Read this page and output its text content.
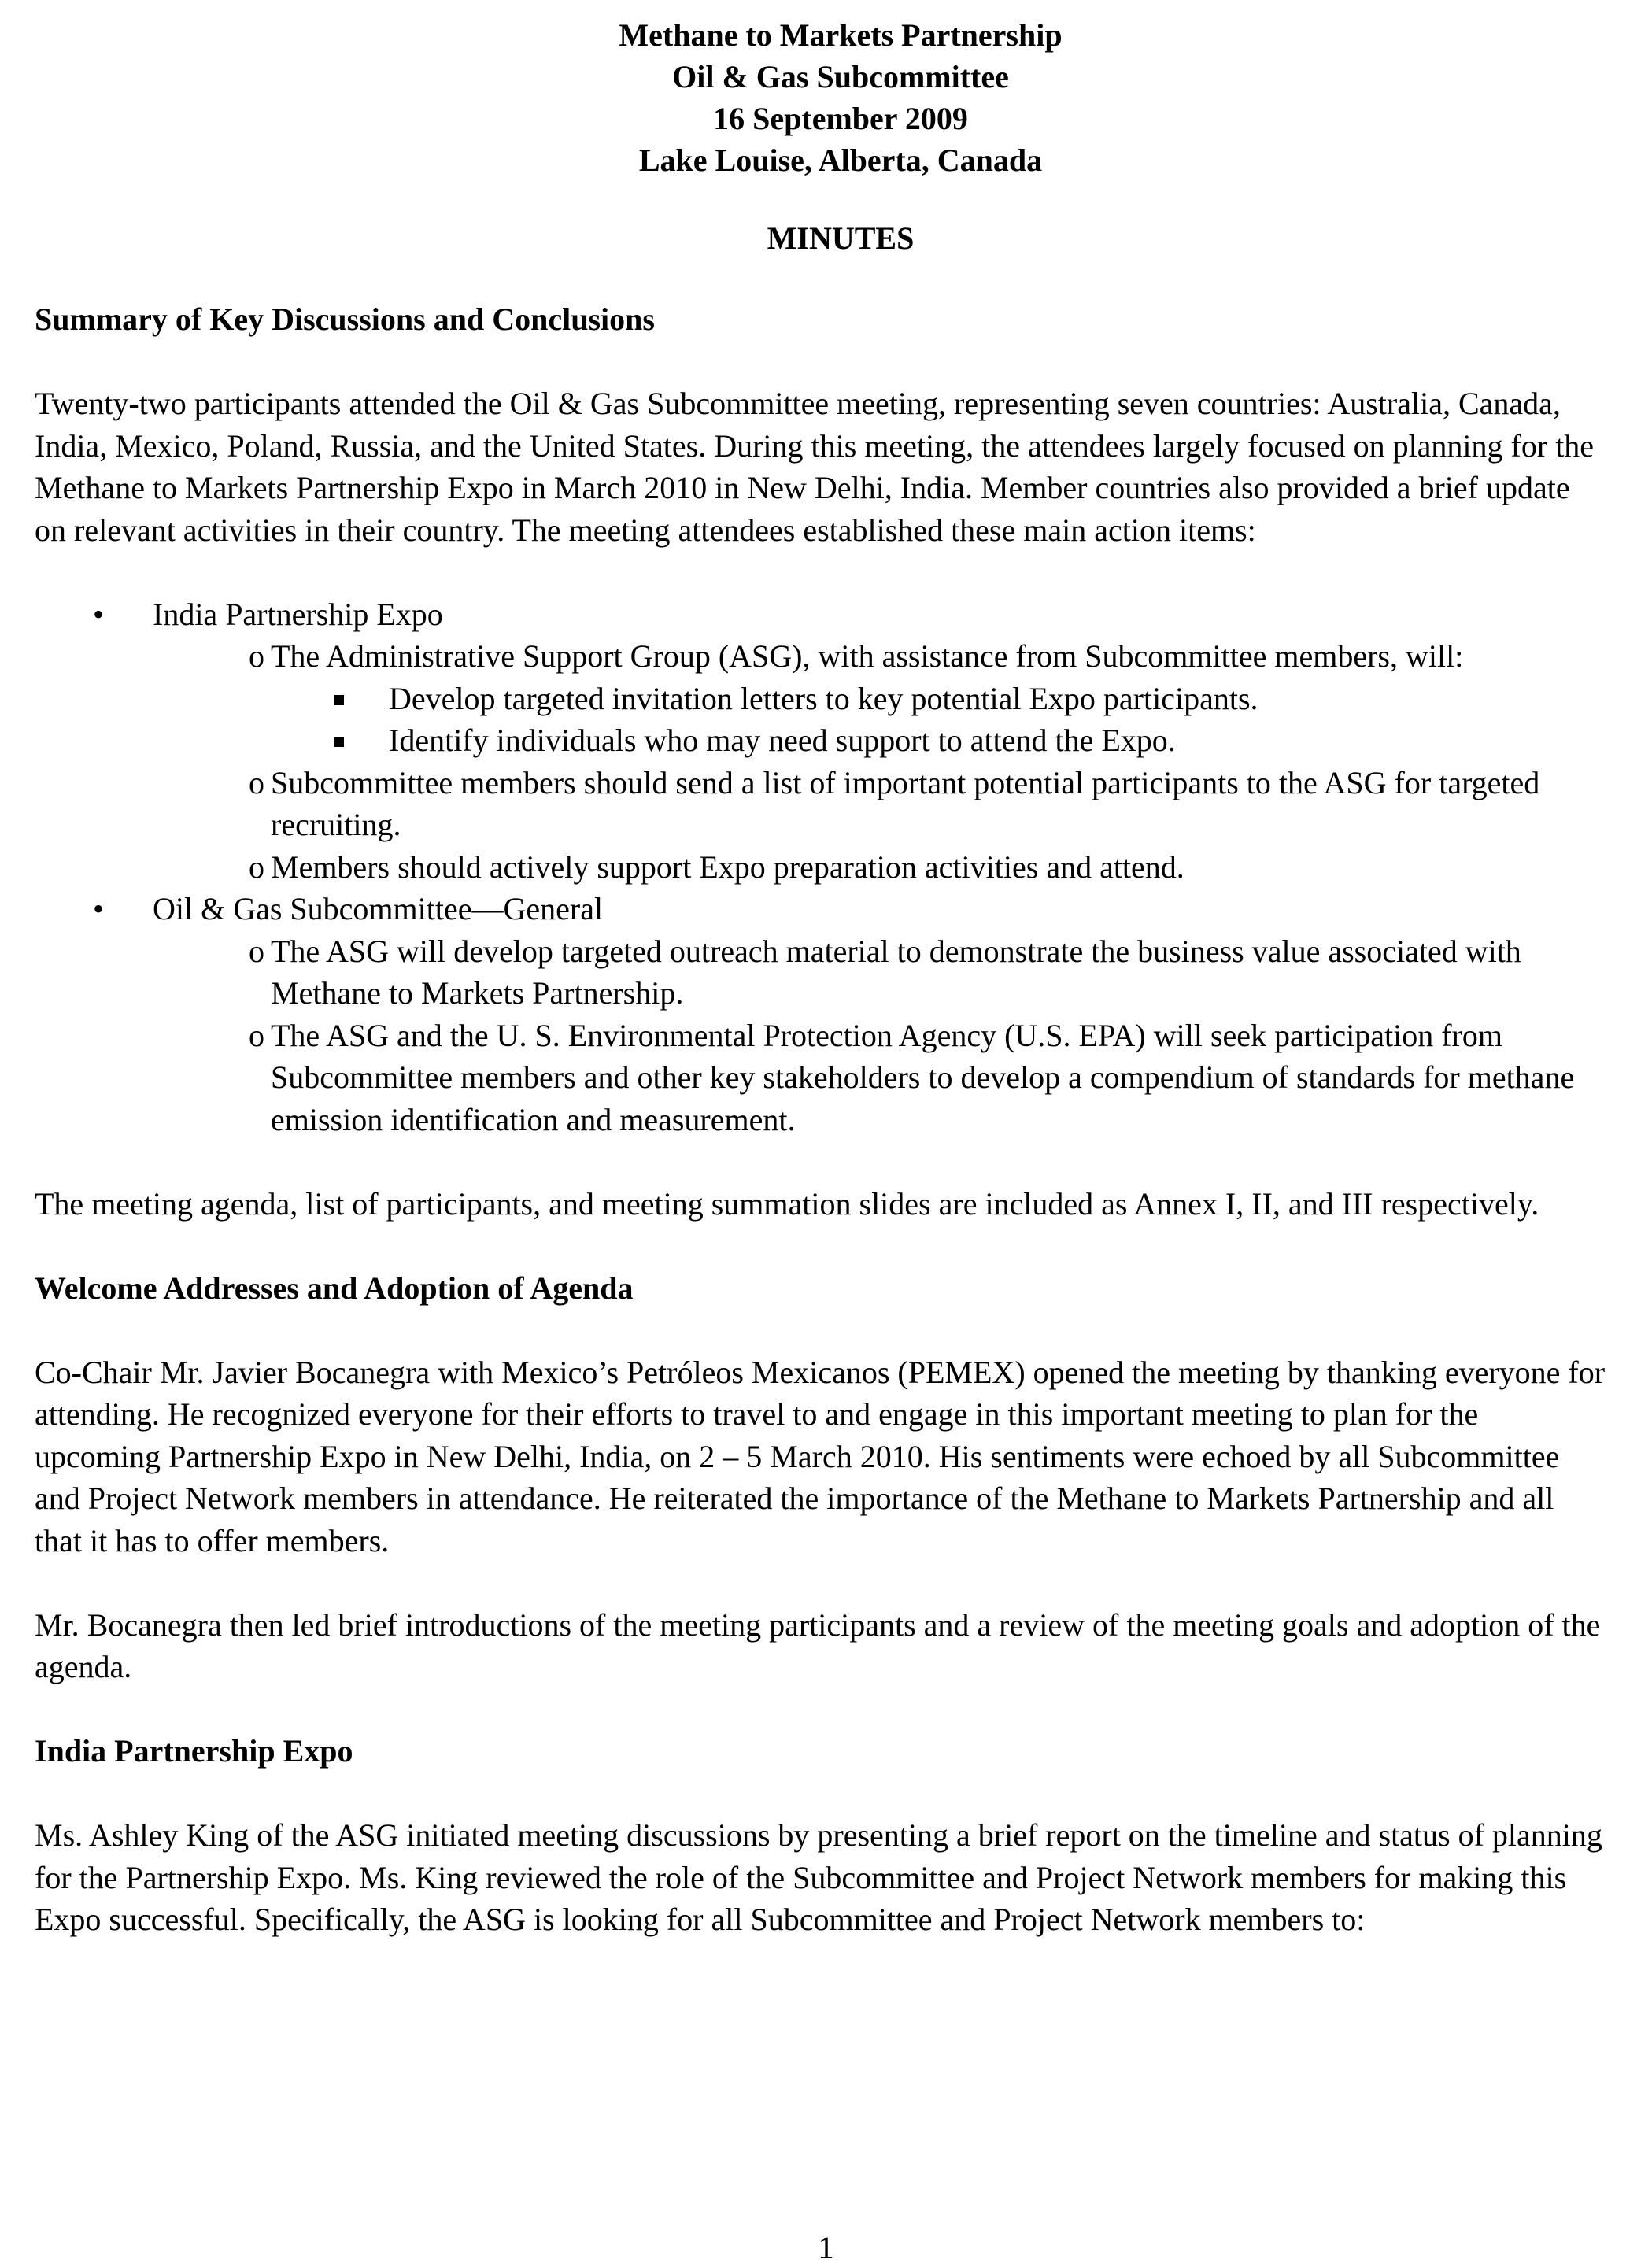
Methane to Markets Partnership
Oil & Gas Subcommittee
16 September 2009
Lake Louise, Alberta, Canada
MINUTES
Summary of Key Discussions and Conclusions

Twenty-two participants attended the Oil & Gas Subcommittee meeting, representing seven countries: Australia, Canada, India, Mexico, Poland, Russia, and the United States. During this meeting, the attendees largely focused on planning for the Methane to Markets Partnership Expo in March 2010 in New Delhi, India. Member countries also provided a brief update on relevant activities in their country. The meeting attendees established these main action items:

• India Partnership Expo
o The Administrative Support Group (ASG), with assistance from Subcommittee members, will:
Develop targeted invitation letters to key potential Expo participants.
Identify individuals who may need support to attend the Expo.
o Subcommittee members should send a list of important potential participants to the ASG for targeted recruiting.
o Members should actively support Expo preparation activities and attend.
• Oil & Gas Subcommittee—General
o The ASG will develop targeted outreach material to demonstrate the business value associated with Methane to Markets Partnership.
o The ASG and the U. S. Environmental Protection Agency (U.S. EPA) will seek participation from Subcommittee members and other key stakeholders to develop a compendium of standards for methane emission identification and measurement.

The meeting agenda, list of participants, and meeting summation slides are included as Annex I, II, and III respectively.

Welcome Addresses and Adoption of Agenda

Co-Chair Mr. Javier Bocanegra with Mexico’s Petróleos Mexicanos (PEMEX) opened the meeting by thanking everyone for attending. He recognized everyone for their efforts to travel to and engage in this important meeting to plan for the upcoming Partnership Expo in New Delhi, India, on 2 – 5 March 2010. His sentiments were echoed by all Subcommittee and Project Network members in attendance. He reiterated the importance of the Methane to Markets Partnership and all that it has to offer members.

Mr. Bocanegra then led brief introductions of the meeting participants and a review of the meeting goals and adoption of the agenda.

India Partnership Expo

Ms. Ashley King of the ASG initiated meeting discussions by presenting a brief report on the timeline and status of planning for the Partnership Expo. Ms. King reviewed the role of the Subcommittee and Project Network members for making this Expo successful. Specifically, the ASG is looking for all Subcommittee and Project Network members to:

1
